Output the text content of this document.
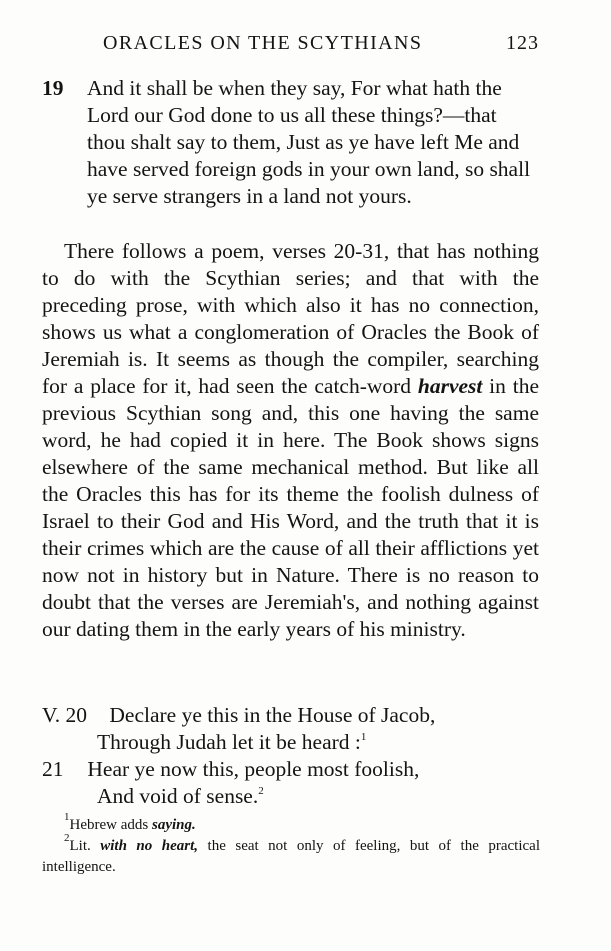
ORACLES ON THE SCYTHIANS	123
19 And it shall be when they say, For what hath the Lord our God done to us all these things?—that thou shalt say to them, Just as ye have left Me and have served foreign gods in your own land, so shall ye serve strangers in a land not yours.
There follows a poem, verses 20-31, that has nothing to do with the Scythian series; and that with the preceding prose, with which also it has no connection, shows us what a conglomeration of Oracles the Book of Jeremiah is. It seems as though the compiler, searching for a place for it, had seen the catch-word harvest in the previous Scythian song and, this one having the same word, he had copied it in here. The Book shows signs elsewhere of the same mechanical method. But like all the Oracles this has for its theme the foolish dulness of Israel to their God and His Word, and the truth that it is their crimes which are the cause of all their afflictions yet now not in history but in Nature. There is no reason to doubt that the verses are Jeremiah's, and nothing against our dating them in the early years of his ministry.
V. 20 Declare ye this in the House of Jacob,
Through Judah let it be heard :$^1$
21 Hear ye now this, people most foolish,
And void of sense.$^2$
$^1$Hebrew adds saying.
$^2$Lit. with no heart, the seat not only of feeling, but of the practical intelligence.
